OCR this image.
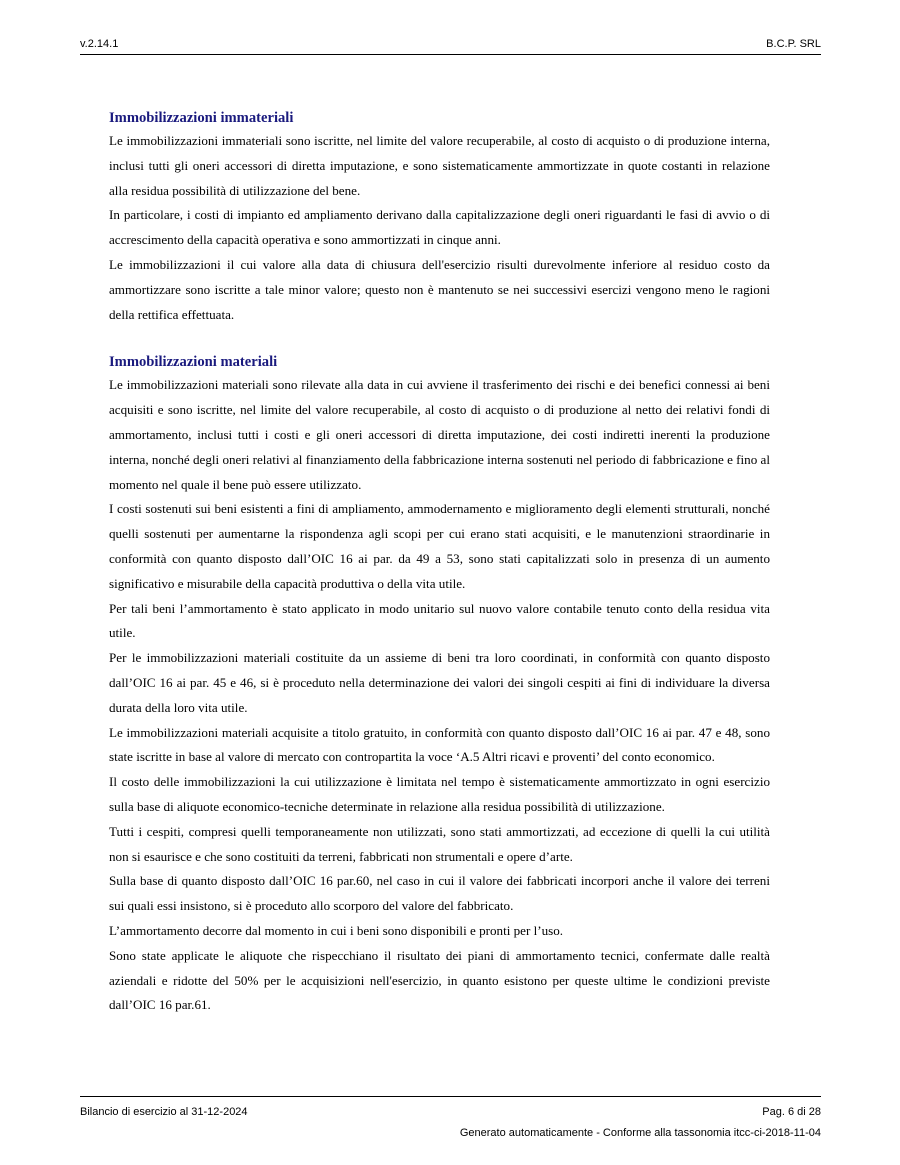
v.2.14.1	B.C.P. SRL

Immobilizzazioni immateriali

Le immobilizzazioni immateriali sono iscritte, nel limite del valore recuperabile, al costo di acquisto o di produzione interna, inclusi tutti gli oneri accessori di diretta imputazione, e sono sistematicamente ammortizzate in quote costanti in relazione alla residua possibilità di utilizzazione del bene.

In particolare, i costi di impianto ed ampliamento derivano dalla capitalizzazione degli oneri riguardanti le fasi di avvio o di accrescimento della capacità operativa e sono ammortizzati in cinque anni.

Le immobilizzazioni il cui valore alla data di chiusura dell'esercizio risulti durevolmente inferiore al residuo costo da ammortizzare sono iscritte a tale minor valore; questo non è mantenuto se nei successivi esercizi vengono meno le ragioni della rettifica effettuata.

Immobilizzazioni materiali

Le immobilizzazioni materiali sono rilevate alla data in cui avviene il trasferimento dei rischi e dei benefici connessi ai beni acquisiti e sono iscritte, nel limite del valore recuperabile, al costo di acquisto o di produzione al netto dei relativi fondi di ammortamento, inclusi tutti i costi e gli oneri accessori di diretta imputazione, dei costi indiretti inerenti la produzione interna, nonché degli oneri relativi al finanziamento della fabbricazione interna sostenuti nel periodo di fabbricazione e fino al momento nel quale il bene può essere utilizzato.

I costi sostenuti sui beni esistenti a fini di ampliamento, ammodernamento e miglioramento degli elementi strutturali, nonché quelli sostenuti per aumentarne la rispondenza agli scopi per cui erano stati acquisiti, e le manutenzioni straordinarie in conformità con quanto disposto dall’OIC 16 ai par. da 49 a 53, sono stati capitalizzati solo in presenza di un aumento significativo e misurabile della capacità produttiva o della vita utile.

Per tali beni l’ammortamento è stato applicato in modo unitario sul nuovo valore contabile tenuto conto della residua vita utile.

Per le immobilizzazioni materiali costituite da un assieme di beni tra loro coordinati, in conformità con quanto disposto dall’OIC 16 ai par. 45 e 46, si è proceduto nella determinazione dei valori dei singoli cespiti ai fini di individuare la diversa durata della loro vita utile.

Le immobilizzazioni materiali acquisite a titolo gratuito, in conformità con quanto disposto dall’OIC 16 ai par. 47 e 48, sono state iscritte in base al valore di mercato con contropartita la voce ‘A.5 Altri ricavi e proventi’ del conto economico.

Il costo delle immobilizzazioni la cui utilizzazione è limitata nel tempo è sistematicamente ammortizzato in ogni esercizio sulla base di aliquote economico-tecniche determinate in relazione alla residua possibilità di utilizzazione.

Tutti i cespiti, compresi quelli temporaneamente non utilizzati, sono stati ammortizzati, ad eccezione di quelli la cui utilità non si esaurisce e che sono costituiti da terreni, fabbricati non strumentali e opere d’arte.

Sulla base di quanto disposto dall’OIC 16 par.60, nel caso in cui il valore dei fabbricati incorpori anche il valore dei terreni sui quali essi insistono, si è proceduto allo scorporo del valore del fabbricato.

L’ammortamento decorre dal momento in cui i beni sono disponibili e pronti per l’uso.

Sono state applicate le aliquote che rispecchiano il risultato dei piani di ammortamento tecnici, confermate dalle realtà aziendali e ridotte del 50% per le acquisizioni nell'esercizio, in quanto esistono per queste ultime le condizioni previste dall’OIC 16 par.61.

Bilancio di esercizio al 31-12-2024	Pag. 6 di 28
Generato automaticamente - Conforme alla tassonomia itcc-ci-2018-11-04
